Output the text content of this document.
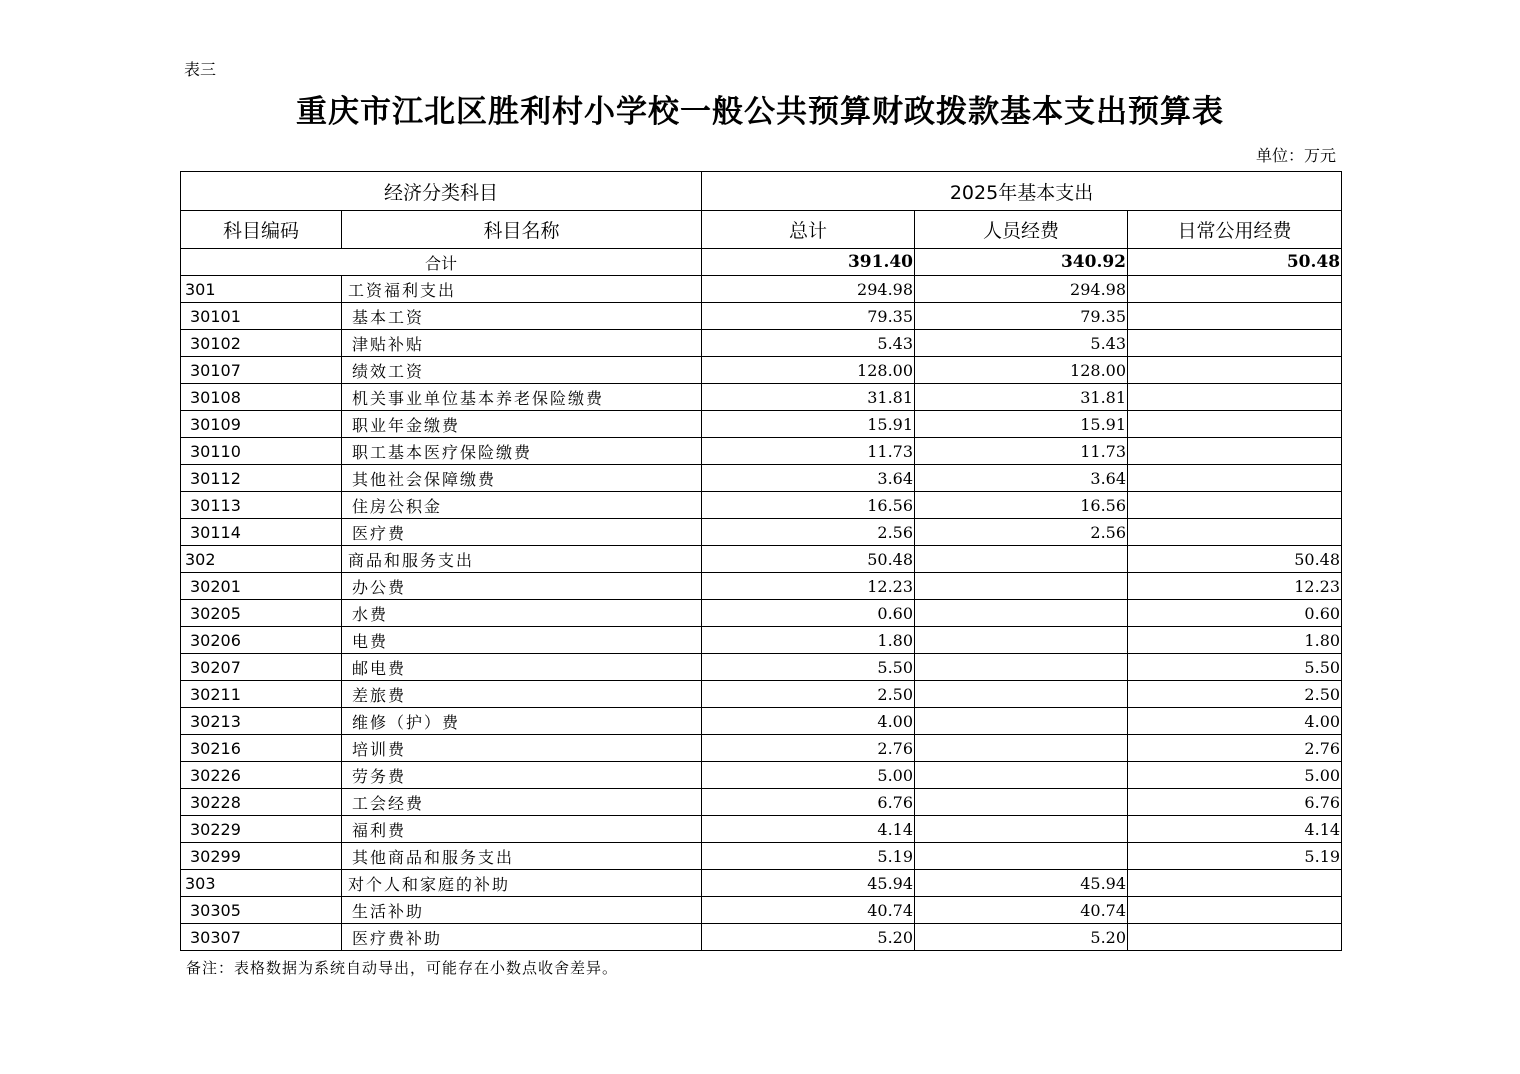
表三
重庆市江北区胜利村小学校一般公共预算财政拨款基本支出预算表
单位：万元
经济分类科目		2025年基本支出		
科目编码	科目名称	总计	人员经费	日常公用经费
合计		391.40	340.92	50.48
301	工资福利支出	294.98	294.98	
30101	基本工资	79.35	79.35	
30102	津贴补贴	5.43	5.43	
30107	绩效工资	128.00	128.00	
30108	机关事业单位基本养老保险缴费	31.81	31.81	
30109	职业年金缴费	15.91	15.91	
30110	职工基本医疗保险缴费	11.73	11.73	
30112	其他社会保障缴费	3.64	3.64	
30113	住房公积金	16.56	16.56	
30114	医疗费	2.56	2.56	
302	商品和服务支出	50.48		50.48
30201	办公费	12.23		12.23
30205	水费	0.60		0.60
30206	电费	1.80		1.80
30207	邮电费	5.50		5.50
30211	差旅费	2.50		2.50
30213	维修（护）费	4.00		4.00
30216	培训费	2.76		2.76
30226	劳务费	5.00		5.00
30228	工会经费	6.76		6.76
30229	福利费	4.14		4.14
30299	其他商品和服务支出	5.19		5.19
303	对个人和家庭的补助	45.94	45.94	
30305	生活补助	40.74	40.74	
30307	医疗费补助	5.20	5.20	
备注：表格数据为系统自动导出，可能存在小数点收舍差异。
